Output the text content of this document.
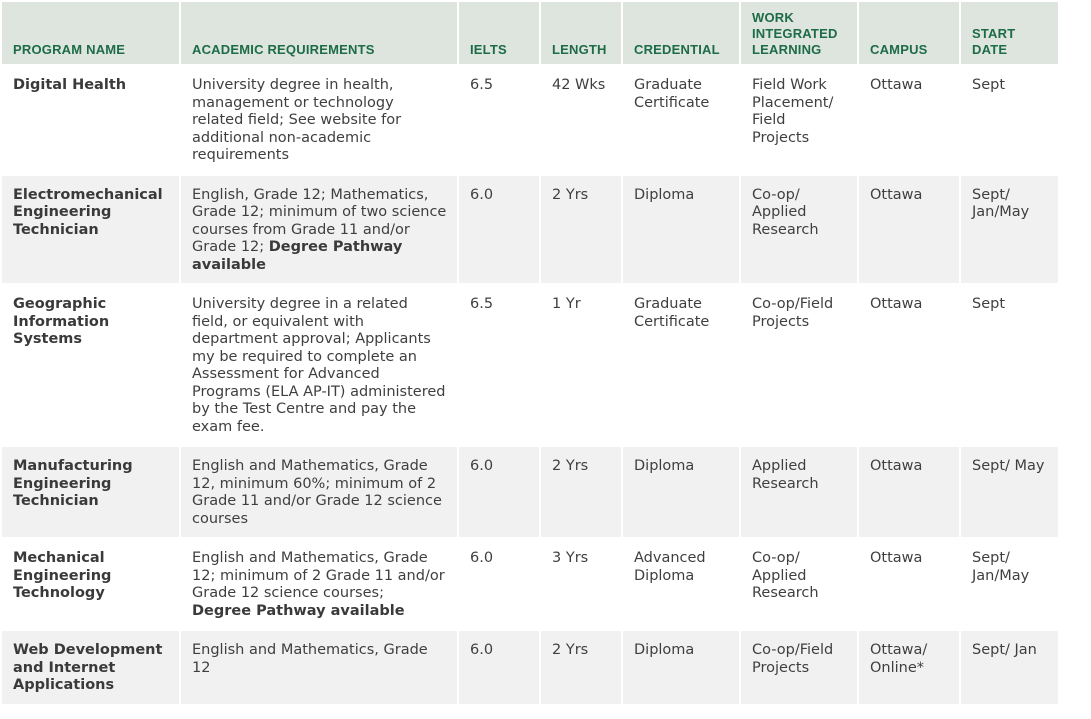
PROGRAM NAME	ACADEMIC REQUIREMENTS	IELTS	LENGTH	CREDENTIAL	WORK INTEGRATED LEARNING	CAMPUS	START DATE
Digital Health	University degree in health, management or technology related field; See website for additional non-academic requirements	6.5	42 Wks	Graduate Certificate	Field Work Placement/ Field Projects	Ottawa	Sept
Electromechanical Engineering Technician	English, Grade 12; Mathematics, Grade 12; minimum of two science courses from Grade 11 and/or Grade 12; Degree Pathway available	6.0	2 Yrs	Diploma	Co-op/ Applied Research	Ottawa	Sept/ Jan/May
Geographic Information Systems	University degree in a related field, or equivalent with department approval; Applicants my be required to complete an Assessment for Advanced Programs (ELA AP-IT) administered by the Test Centre and pay the exam fee.	6.5	1 Yr	Graduate Certificate	Co-op/Field Projects	Ottawa	Sept
Manufacturing Engineering Technician	English and Mathematics, Grade 12, minimum 60%; minimum of 2 Grade 11 and/or Grade 12 science courses	6.0	2 Yrs	Diploma	Applied Research	Ottawa	Sept/ May
Mechanical Engineering Technology	English and Mathematics, Grade 12; minimum of 2 Grade 11 and/or Grade 12 science courses; Degree Pathway available	6.0	3 Yrs	Advanced Diploma	Co-op/ Applied Research	Ottawa	Sept/ Jan/May
Web Development and Internet Applications	English and Mathematics, Grade 12	6.0	2 Yrs	Diploma	Co-op/Field Projects	Ottawa/ Online*	Sept/ Jan
